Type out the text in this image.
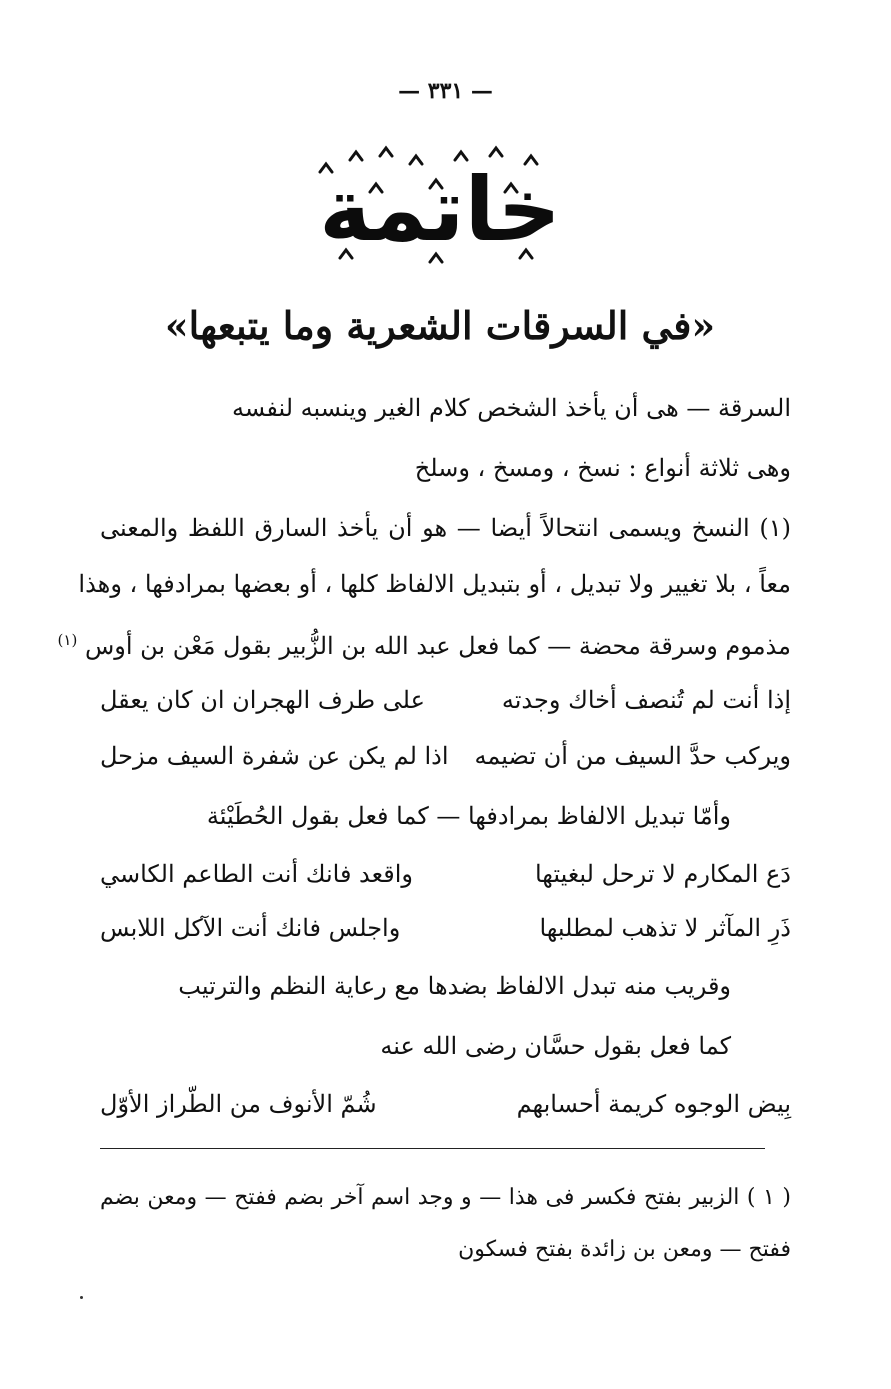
— ٣٣١ —
خاتمة
«في السرقات الشعرية وما يتبعها»
السرقة — هى أن يأخذ الشخص كلام الغير وينسبه لنفسه
وهى ثلاثة أنواع : نسخ ، ومسخ ، وسلخ
(١) النسخ ويسمى انتحالاً أيضا — هو أن يأخذ السارق اللفظ والمعنى
معاً ، بلا تغيير ولا تبديل ، أو بتبديل الالفاظ كلها ، أو بعضها بمرادفها ، وهذا
مذموم وسرقة محضة — كما فعل عبد الله بن الزُّبير بقول مَعْن بن أوس $^{(١)}$
إذا أنت لم تُنصف أخاك وجدته
على طرف الهجران ان كان يعقل
ويركب حدَّ السيف من أن تضيمه
اذا لم يكن عن شفرة السيف مزحل
وأمّا تبديل الالفاظ بمرادفها — كما فعل بقول الحُطَيْئة
دَع المكارم لا ترحل لبغيتها
واقعد فانك أنت الطاعم الكاسي
ذَرِ المآثر لا تذهب لمطلبها
واجلس فانك أنت الآكل اللابس
وقريب منه تبدل الالفاظ بضدها مع رعاية النظم والترتيب
كما فعل بقول حسَّان رضى الله عنه
بِيض الوجوه كريمة أحسابهم
شُمّ الأنوف من الطّراز الأوّل
( ١ ) الزبير بفتح فكسر فى هذا — و وجد اسم آخر بضم ففتح — ومعن بضم
ففتح — ومعن بن زائدة بفتح فسكون
